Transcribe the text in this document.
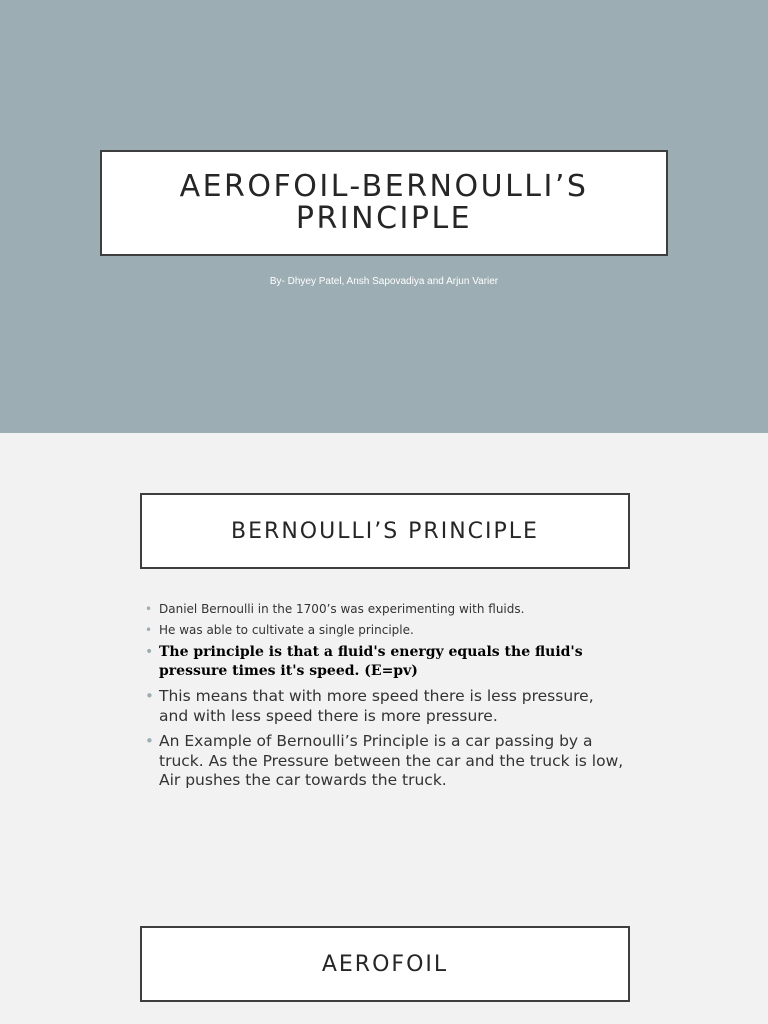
AEROFOIL-BERNOULLI’S PRINCIPLE
By- Dhyey Patel, Ansh Sapovadiya and Arjun Varier
BERNOULLI’S PRINCIPLE
• Daniel Bernoulli in the 1700’s was experimenting with fluids.
• He was able to cultivate a single principle.
• The principle is that a fluid's energy equals the fluid's pressure times it's speed. (E=pv)
• This means that with more speed there is less pressure, and with less speed there is more pressure.
• An Example of Bernoulli’s Principle is a car passing by a truck. As the Pressure between the car and the truck is low, Air pushes the car towards the truck.
AEROFOIL
